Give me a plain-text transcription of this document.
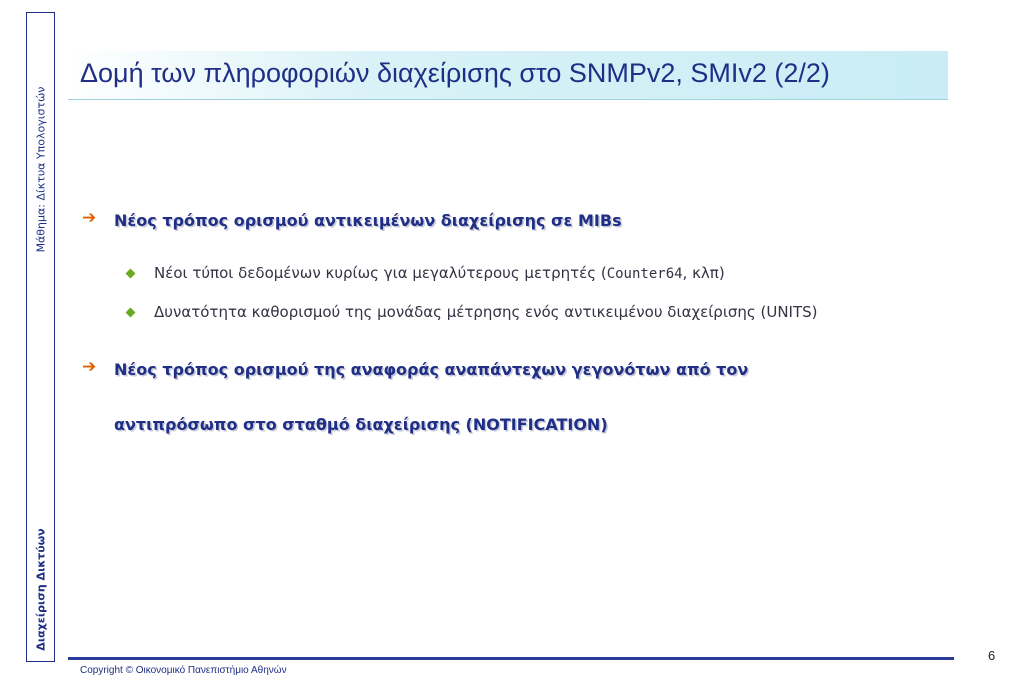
Μάθημα: Δίκτυα Υπολογιστών
Διαχείριση Δικτύων
Δομή των πληροφοριών διαχείρισης στο SNMPv2, SMIv2 (2/2)
➔ Νέος τρόπος ορισμού αντικειμένων διαχείρισης σε MIBs
Νέοι τύποι δεδομένων κυρίως για μεγαλύτερους μετρητές (Counter64, κλπ)
Δυνατότητα καθορισμού της μονάδας μέτρησης ενός αντικειμένου διαχείρισης (UNITS)
➔ Νέος τρόπος ορισμού της αναφοράς αναπάντεχων γεγονότων από τον
αντιπρόσωπο στο σταθμό διαχείρισης (NOTIFICATION)
Copyright © Οικονομικό Πανεπιστήμιο Αθηνών
6
